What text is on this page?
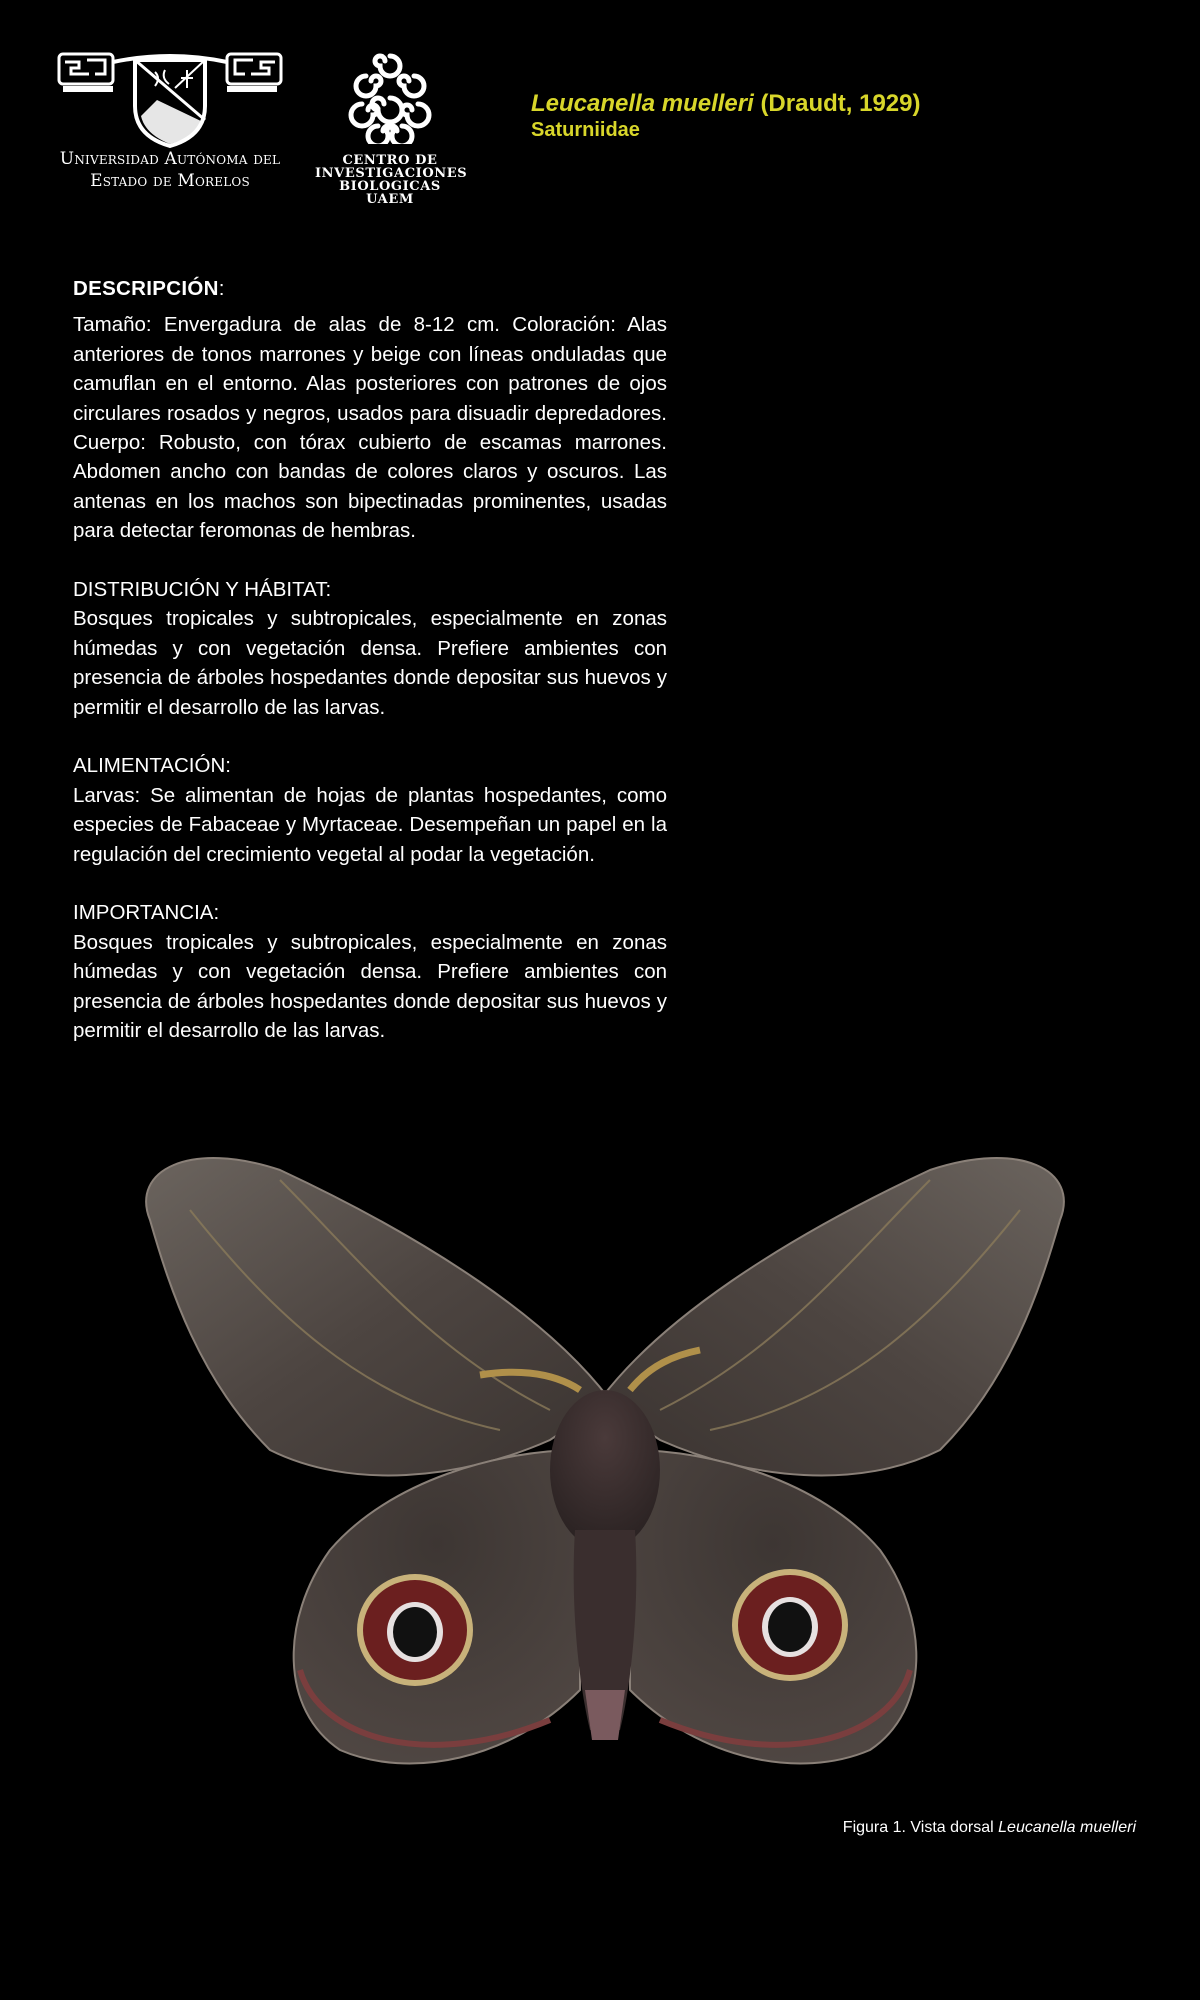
Universidad Autónoma del
Estado de Morelos
CENTRO DE
INVESTIGACIONES
BIOLOGICAS
UAEM
Leucanella muelleri (Draudt, 1929)
Saturniidae

DESCRIPCIÓN:

Tamaño: Envergadura de alas de 8-12 cm. Coloración: Alas anteriores de tonos marrones y beige con líneas onduladas que camuflan en el entorno. Alas posteriores con patrones de ojos circulares rosados y negros, usados para disuadir depredadores. Cuerpo: Robusto, con tórax cubierto de escamas marrones. Abdomen ancho con bandas de colores claros y oscuros. Las antenas en los machos son bipectinadas prominentes, usadas para detectar feromonas de hembras.

DISTRIBUCIÓN Y HÁBITAT:

Bosques tropicales y subtropicales, especialmente en zonas húmedas y con vegetación densa. Prefiere ambientes con presencia de árboles hospedantes donde depositar sus huevos y permitir el desarrollo de las larvas.

ALIMENTACIÓN:

Larvas: Se alimentan de hojas de plantas hospedantes, como especies de Fabaceae y Myrtaceae. Desempeñan un papel en la regulación del crecimiento vegetal al podar la vegetación.

IMPORTANCIA:

Bosques tropicales y subtropicales, especialmente en zonas húmedas y con vegetación densa. Prefiere ambientes con presencia de árboles hospedantes donde depositar sus huevos y permitir el desarrollo de las larvas.

Figura 1. Vista dorsal Leucanella muelleri
